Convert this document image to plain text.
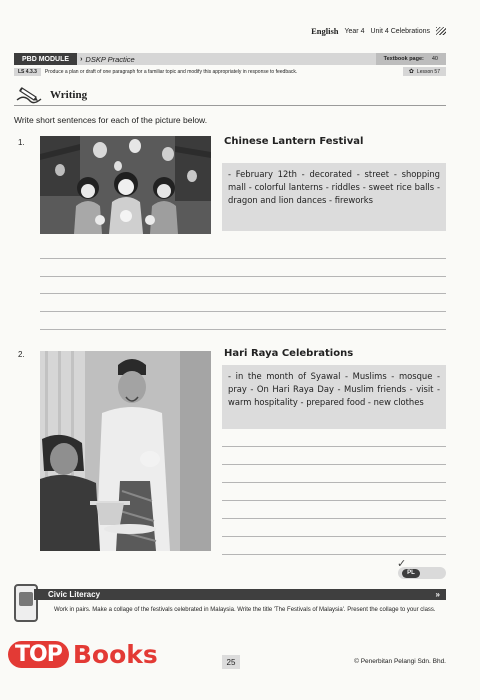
English Year 4 Unit 4 Celebrations
PBD MODULE	› DSKP Practice	Textbook page: 40
LS 4.3.3	Produce a plan or draft of one paragraph for a familiar topic and modify this appropriately in response to feedback.	✿ Lesson 57
Writing
Write short sentences for each of the picture below.
1.	Chinese Lantern Festival
- February 12th - decorated - street - shopping mall - colorful lanterns - riddles - sweet rice balls - dragon and lion dances - fireworks
2.	Hari Raya Celebrations
- in the month of Syawal - Muslims - mosque - pray - On Hari Raya Day - Muslim friends - visit - warm hospitality - prepared food - new clothes
✓
PL
Civic Literacy	»
Work in pairs. Make a collage of the festivals celebrated in Malaysia. Write the title 'The Festivals of Malaysia'. Present the collage to your class.
TOP Books	25	© Penerbitan Pelangi Sdn. Bhd.
